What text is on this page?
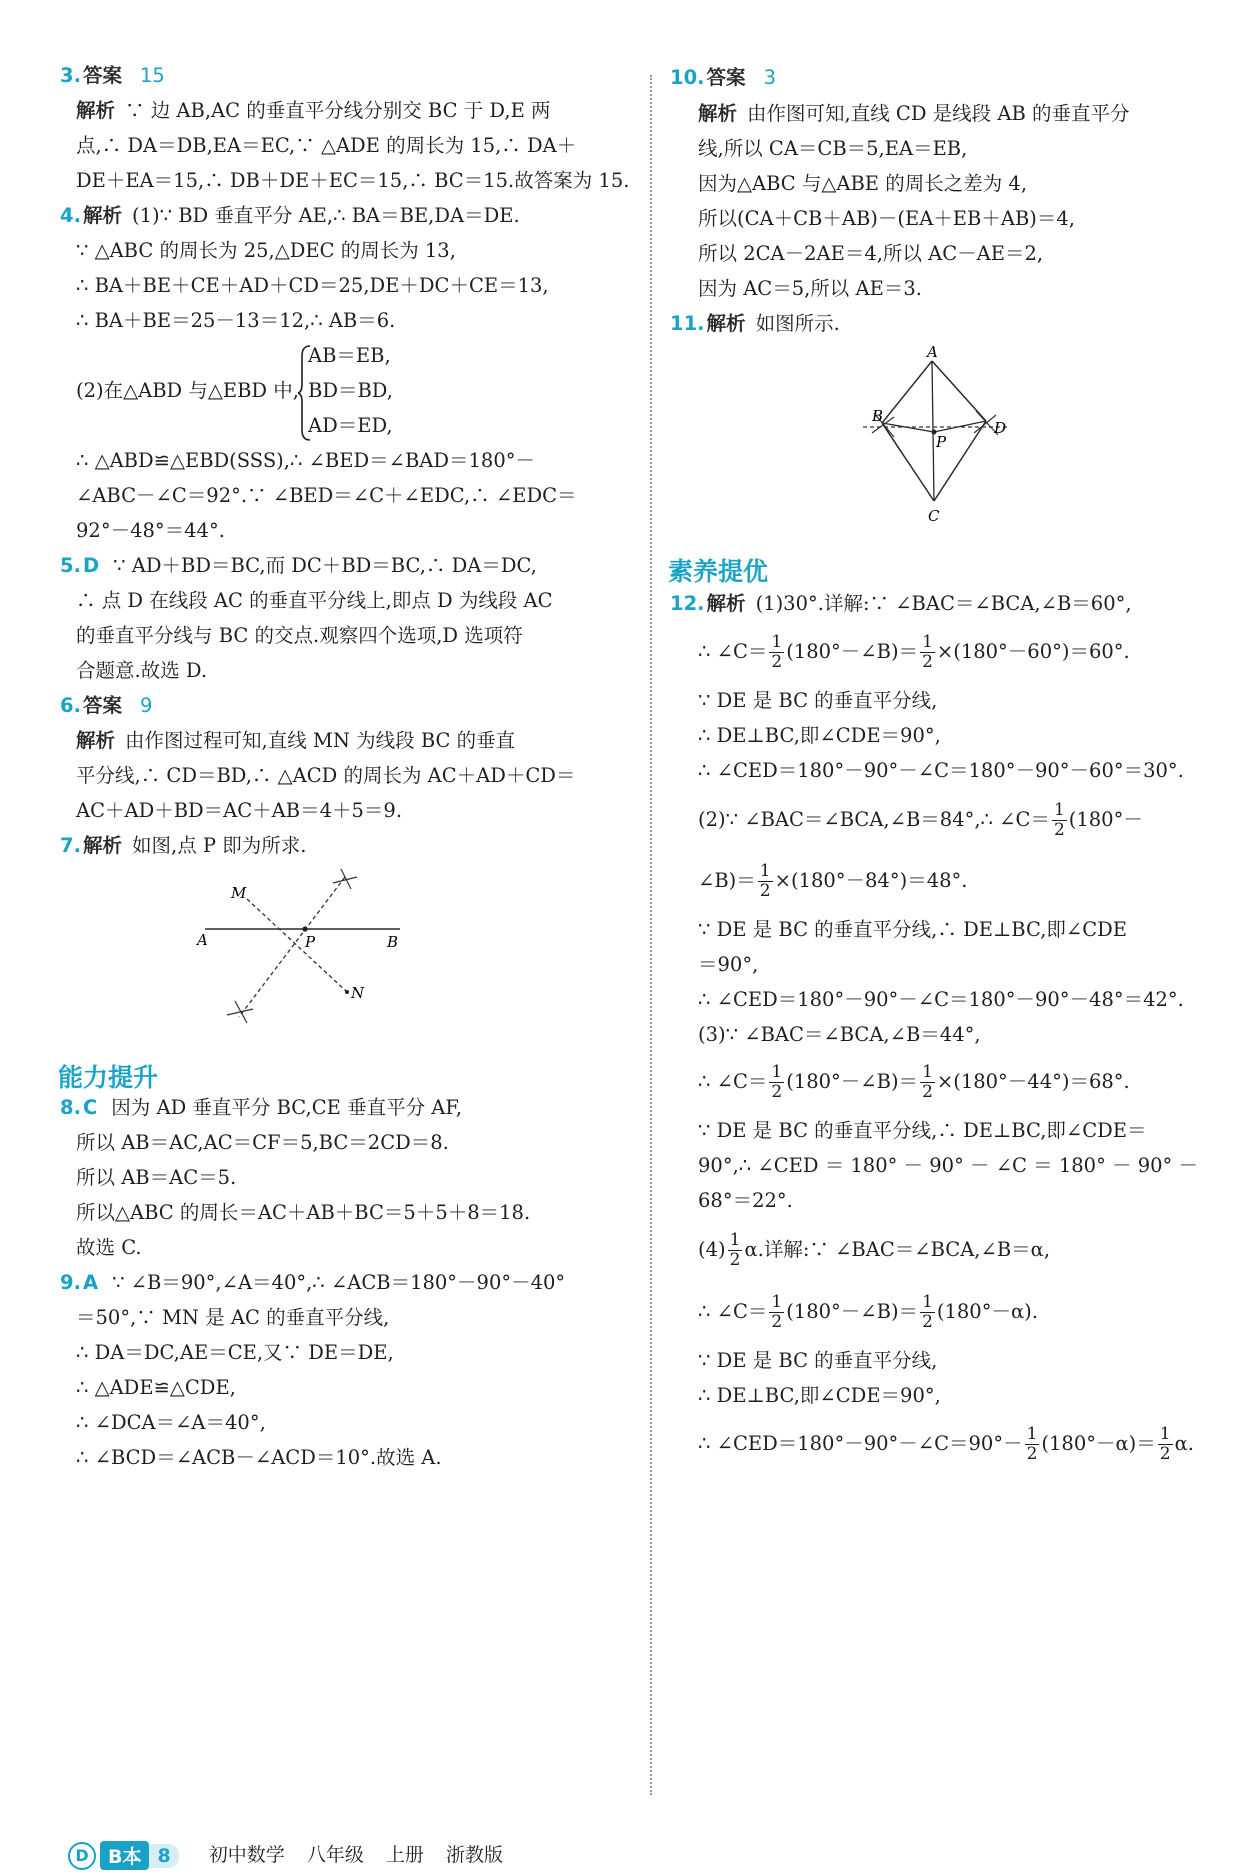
3. 答案 15
解析 ∵ 边 AB,AC 的垂直平分线分别交 BC 于 D,E 两
点,∴ DA＝DB,EA＝EC,∵ △ADE 的周长为 15,∴ DA＋
DE＋EA＝15,∴ DB＋DE＋EC＝15,∴ BC＝15.故答案为 15.
4. 解析 (1)∵ BD 垂直平分 AE,∴ BA＝BE,DA＝DE.
∵ △ABC 的周长为 25,△DEC 的周长为 13,
∴ BA＋BE＋CE＋AD＋CD＝25,DE＋DC＋CE＝13,
∴ BA＋BE＝25－13＝12,∴ AB＝6.
(2)在△ABD 与△EBD 中,
AB＝EB,
BD＝BD,
AD＝ED,
∴ △ABD≌△EBD(SSS),∴ ∠BED＝∠BAD＝180°－
∠ABC－∠C＝92°.∵ ∠BED＝∠C＋∠EDC,∴ ∠EDC＝
92°－48°＝44°.
5. D ∵ AD＋BD＝BC,而 DC＋BD＝BC,∴ DA＝DC,
∴ 点 D 在线段 AC 的垂直平分线上,即点 D 为线段 AC
的垂直平分线与 BC 的交点.观察四个选项,D 选项符
合题意.故选 D.
6. 答案 9
解析 由作图过程可知,直线 MN 为线段 BC 的垂直
平分线,∴ CD＝BD,∴ △ACD 的周长为 AC＋AD＋CD＝
AC＋AD＋BD＝AC＋AB＝4＋5＝9.
7. 解析 如图,点 P 即为所求.
M
A	P	B
N
能力提升
8. C 因为 AD 垂直平分 BC,CE 垂直平分 AF,
所以 AB＝AC,AC＝CF＝5,BC＝2CD＝8.
所以 AB＝AC＝5.
所以△ABC 的周长＝AC＋AB＋BC＝5＋5＋8＝18.
故选 C.
9. A ∵ ∠B＝90°,∠A＝40°,∴ ∠ACB＝180°－90°－40°
＝50°,∵ MN 是 AC 的垂直平分线,
∴ DA＝DC,AE＝CE,又∵ DE＝DE,
∴ △ADE≌△CDE,
∴ ∠DCA＝∠A＝40°,
∴ ∠BCD＝∠ACB－∠ACD＝10°.故选 A.
10. 答案 3
解析 由作图可知,直线 CD 是线段 AB 的垂直平分
线,所以 CA＝CB＝5,EA＝EB,
因为△ABC 与△ABE 的周长之差为 4,
所以(CA＋CB＋AB)－(EA＋EB＋AB)＝4,
所以 2CA－2AE＝4,所以 AC－AE＝2,
因为 AC＝5,所以 AE＝3.
11. 解析 如图所示.
A
B
P
D
C
素养提优
12. 解析 (1)30°.详解:∵ ∠BAC＝∠BCA,∠B＝60°,
∴ ∠C＝ $\frac{1}{2}$ (180°－∠B)＝ $\frac{1}{2} \times(180^\circ-60^\circ)=60^\circ$.
∵ DE 是 BC 的垂直平分线,
∴ DE⊥BC,即∠CDE＝90°,
∴ ∠CED＝180°－90°－∠C＝180°－90°－60°＝30°.
(2)∵ ∠BAC＝∠BCA,∠B＝84°,∴ ∠C＝ $\frac{1}{2} (180^\circ-$
∠B)＝ $\frac{1}{2} \times(180^\circ-84^\circ)=48^\circ$.
∵ DE 是 BC 的垂直平分线,∴ DE⊥BC,即∠CDE
＝90°,
∴ ∠CED＝180°－90°－∠C＝180°－90°－48°＝42°.
(3)∵ ∠BAC＝∠BCA,∠B＝44°,
∴ ∠C＝ $\frac{1}{2}$ (180°－∠B)＝ $\frac{1}{2} \times(180^\circ-44^\circ)=68^\circ$.
∵ DE 是 BC 的垂直平分线,∴ DE⊥BC,即∠CDE＝
90°,∴ ∠CED ＝ 180° － 90° － ∠C ＝ 180° － 90° －
68°＝22°.
$(4) \frac{1}{2} \alpha$.详解:∵ ∠BAC＝∠BCA,∠B＝α,
∴ ∠C＝ $\frac{1}{2}$ (180°－∠B)＝ $\frac{1}{2} (180^\circ-\alpha)$.
∵ DE 是 BC 的垂直平分线,
∴ DE⊥BC,即∠CDE＝90°,
∴ ∠CED＝180°－90°－∠C＝90°－ $\frac{1}{2} (180^\circ-\alpha)= \frac{1}{2} \alpha$.
D B本 8 初中数学 八年级 上册 浙教版
